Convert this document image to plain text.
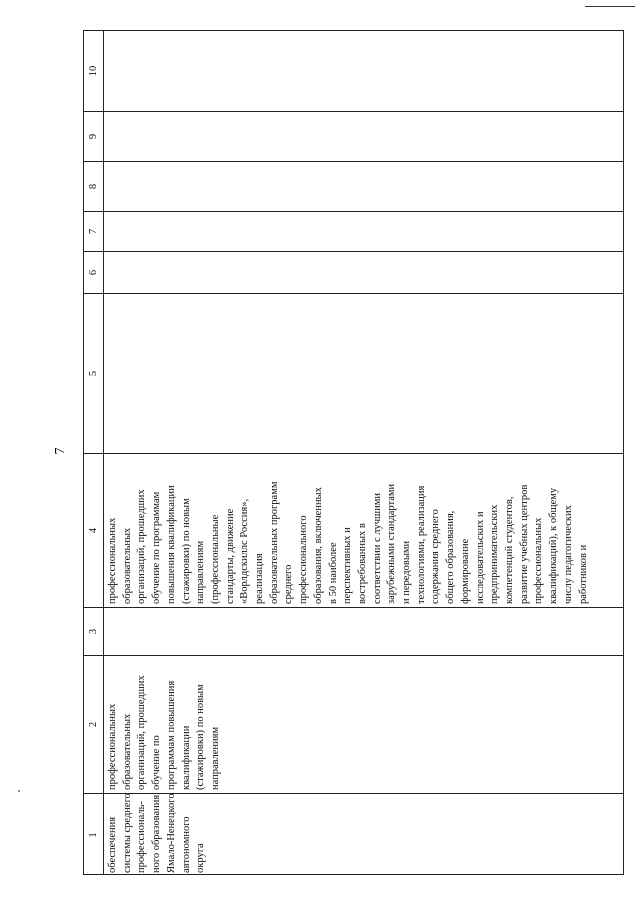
7
1
2
3
4
5
6
7
8
9
10
обеспечения системы среднего профессиональ- ного образования Ямало-Ненецкого автономного округа
профессиональных образовательных организаций, прошедших обучение по программам повышения квалификации (стажировки) по новым направлениям
профессиональных образовательных организаций, прошедших обучение по программам повышения квалификации (стажировки) по новым направлениям (профессиональные стандарты, движение «Ворлдскиллс Россия», реализация образовательных программ среднего профессионального образования, включенных в 50 наиболее перспективных и востребованных в соответствии с лучшими зарубежными стандартами и передовыми технологиями, реализация содержания среднего общего образования, формирование исследовательских и предпринимательских компетенций студентов, развитие учебных центров профессиональных квалификаций), к общему числу педагогических работников и
